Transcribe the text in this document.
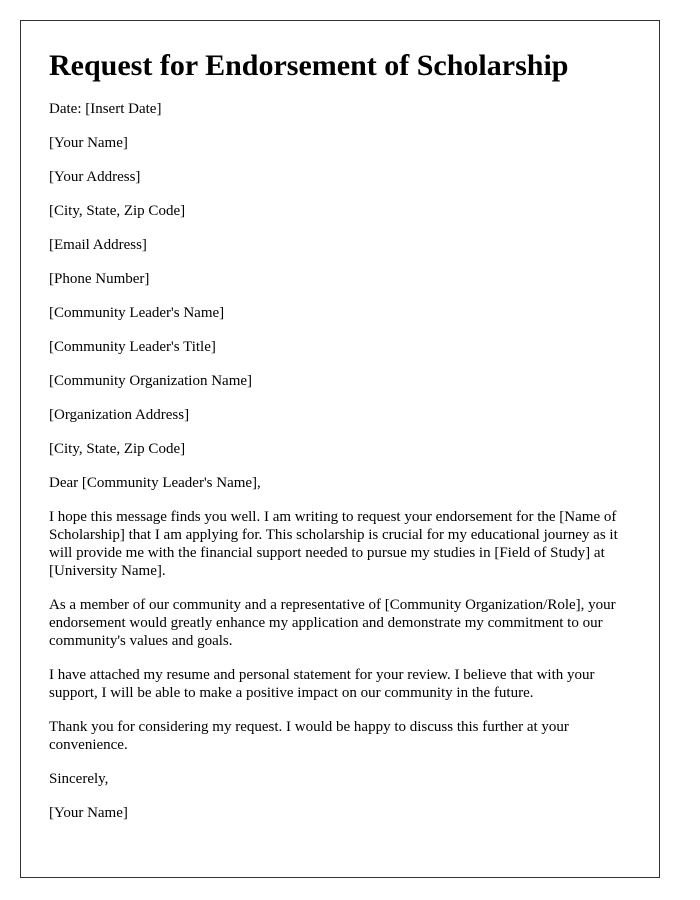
Request for Endorsement of Scholarship

Date: [Insert Date]

[Your Name]

[Your Address]

[City, State, Zip Code]

[Email Address]

[Phone Number]

[Community Leader's Name]

[Community Leader's Title]

[Community Organization Name]

[Organization Address]

[City, State, Zip Code]

Dear [Community Leader's Name],

I hope this message finds you well. I am writing to request your endorsement for the [Name of Scholarship] that I am applying for. This scholarship is crucial for my educational journey as it will provide me with the financial support needed to pursue my studies in [Field of Study] at [University Name].

As a member of our community and a representative of [Community Organization/Role], your endorsement would greatly enhance my application and demonstrate my commitment to our community's values and goals.

I have attached my resume and personal statement for your review. I believe that with your support, I will be able to make a positive impact on our community in the future.

Thank you for considering my request. I would be happy to discuss this further at your convenience.

Sincerely,

[Your Name]
